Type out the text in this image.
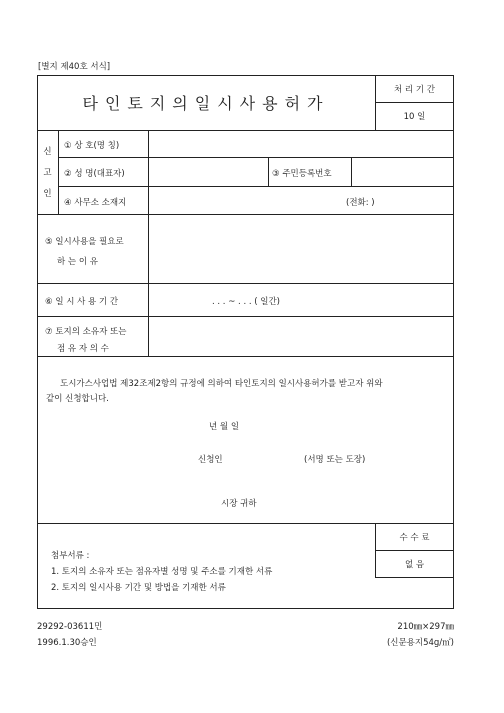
[별지 제40호 서식]
타인토지의일시사용허가
처 리 기 간
10 일
신
고
인
① 상 호(명 칭)
② 성 명(대표자)	③ 주민등록번호
④ 사무소 소재지	(전화: )
⑤ 일시사용을 필요로
하 는 이 유
⑥ 일 시 사 용 기 간	. . . ~ . . . ( 일간)
⑦ 토지의 소유자 또는
점 유 자 의 수
도시가스사업법 제32조제2항의 규정에 의하여 타인토지의 일시사용허가를 받고자 위와
같이 신청합니다.
년 월 일
신청인	(서명 또는 도장)
시장 귀하
첨부서류 :
1. 토지의 소유자 또는 점유자별 성명 및 주소를 기재한 서류
2. 토지의 일시사용 기간 및 방법을 기재한 서류
수 수 료
없 음
29292-03611민
1996.1.30승인
210㎜×297㎜
(신문용지54g/㎡)
